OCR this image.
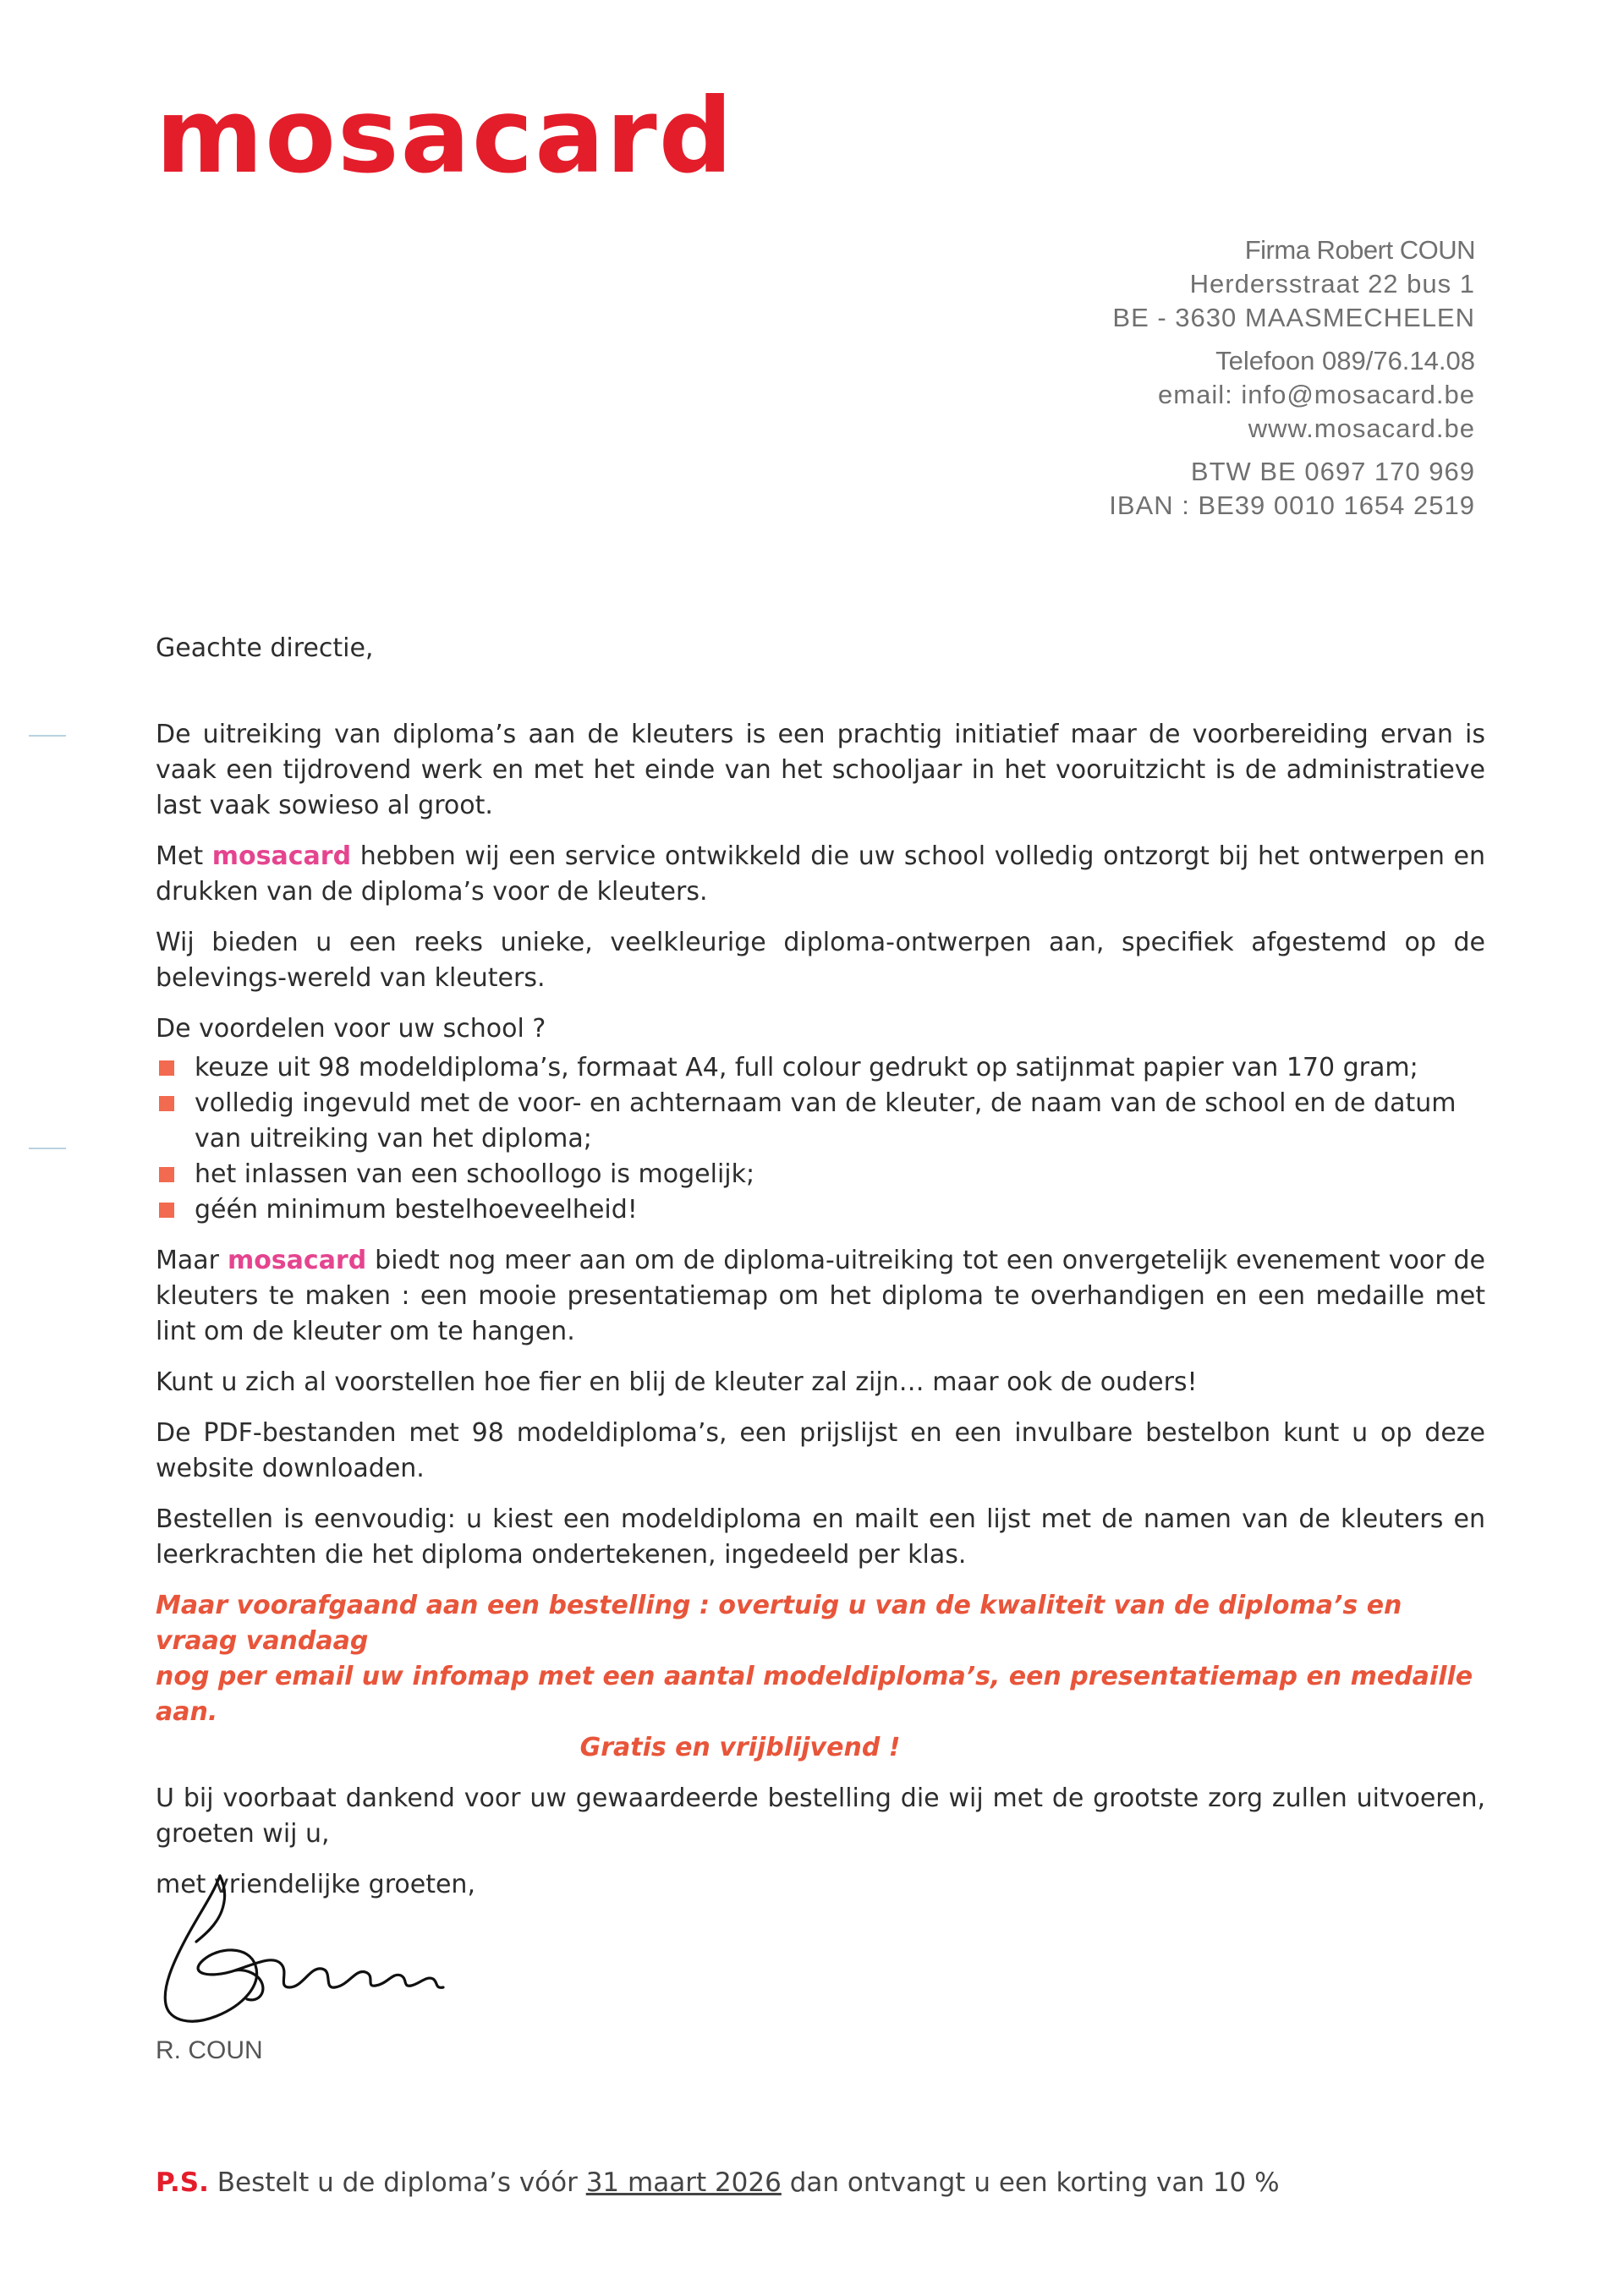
mosacard
Firma Robert COUN
Herdersstraat 22 bus 1
BE - 3630 MAASMECHELEN
Telefoon 089/76.14.08
email: info@mosacard.be
www.mosacard.be
BTW BE 0697 170 969
IBAN : BE39 0010 1654 2519
Geachte directie,

De uitreiking van diploma’s aan de kleuters is een prachtig initiatief maar de voorbereiding ervan is vaak een tijdrovend werk en met het einde van het schooljaar in het vooruitzicht is de administratieve last vaak sowieso al groot.

Met mosacard hebben wij een service ontwikkeld die uw school volledig ontzorgt bij het ontwerpen en drukken van de diploma’s voor de kleuters.

Wij bieden u een reeks unieke, veelkleurige diploma-ontwerpen aan, specifiek afgestemd op de belevings-wereld van kleuters.

De voordelen voor uw school ?

keuze uit 98 modeldiploma’s, formaat A4, full colour gedrukt op satijnmat papier van 170 gram;
volledig ingevuld met de voor- en achternaam van de kleuter, de naam van de school en de datum van uitreiking van het diploma;
het inlassen van een schoollogo is mogelijk;
géén minimum bestelhoeveelheid!

Maar mosacard biedt nog meer aan om de diploma-uitreiking tot een onvergetelijk evenement voor de kleuters te maken : een mooie presentatiemap om het diploma te overhandigen en een medaille met lint om de kleuter om te hangen.

Kunt u zich al voorstellen hoe fier en blij de kleuter zal zijn… maar ook de ouders!

De PDF-bestanden met 98 modeldiploma’s, een prijslijst en een invulbare bestelbon kunt u op deze website downloaden.

Bestellen is eenvoudig: u kiest een modeldiploma en mailt een lijst met de namen van de kleuters en leerkrachten die het diploma ondertekenen, ingedeeld per klas.

Maar voorafgaand aan een bestelling : overtuig u van de kwaliteit van de diploma’s en vraag vandaag
nog per email uw infomap met een aantal modeldiploma’s, een presentatiemap en medaille aan.
Gratis en vrijblijvend !

U bij voorbaat dankend voor uw gewaardeerde bestelling die wij met de grootste zorg zullen uitvoeren, groeten wij u,

met vriendelijke groeten,

R. COUN
P.S. Bestelt u de diploma’s vóór 31 maart 2026 dan ontvangt u een korting van 10 %
